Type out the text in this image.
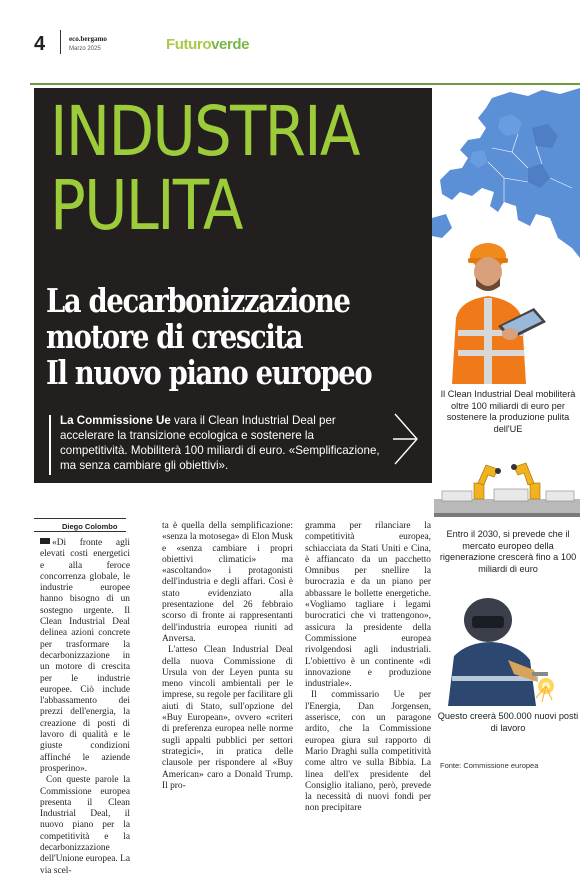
4	eco.bergamo
Marzo 2025	Futuroverde
INDUSTRIA
PULITA
La decarbonizzazione
motore di crescita
Il nuovo piano europeo
La Commissione Ue vara il Clean Industrial Deal per accelerare la transizione ecologica e sostenere la competitività. Mobiliterà 100 miliardi di euro. «Semplificazione, ma senza cambiare gli obiettivi».
Il Clean Industrial Deal mobiliterà oltre 100 miliardi di euro per sostenere la produzione pulita dell'UE
Entro il 2030, si prevede che il mercato europeo della rigenerazione crescerà fino a 100 miliardi di euro
Questo creerà 500.000 nuovi posti di lavoro
Fonte: Commissione europea
Diego Colombo

«Di fronte agli elevati costi energetici e alla feroce concorrenza globale, le industrie europee hanno bisogno di un sostegno urgente. Il Clean Industrial Deal delinea azioni concrete per trasformare la decarbonizzazione in un motore di crescita per le industrie europee. Ciò include l'abbassamento dei prezzi dell'energia, la creazione di posti di lavoro di qualità e le giuste condizioni affinché le aziende prosperino».

Con queste parole la Commissione europea presenta il Clean Industrial Deal, il nuovo piano per la competitività e la decarbonizzazione dell'Unione europea. La via scel-

ta è quella della semplificazione: «senza la motosega» di Elon Musk e «senza cambiare i propri obiettivi climatici» ma «ascoltando» i protagonisti dell'industria e degli affari. Così è stato evidenziato alla presentazione del 26 febbraio scorso di fronte ai rappresentanti dell'industria europea riuniti ad Anversa.

L'atteso Clean Industrial Deal della nuova Commissione di Ursula von der Leyen punta su meno vincoli ambientali per le imprese, su regole per facilitare gli aiuti di Stato, sull'opzione del «Buy European», ovvero «criteri di preferenza europea nelle norme sugli appalti pubblici per settori strategici», in pratica delle clausole per rispondere al «Buy American» caro a Donald Trump. Il pro-

gramma per rilanciare la competitività europea, schiacciata da Stati Uniti e Cina, è affiancato da un pacchetto Omnibus per snellire la burocrazia e da un piano per abbassare le bollette energetiche. «Vogliamo tagliare i legami burocratici che vi trattengono», assicura la presidente della Commissione europea rivolgendosi agli industriali. L'obiettivo è un continente «di innovazione e produzione industriale».

Il commissario Ue per l'Energia, Dan Jorgensen, asserisce, con un paragone ardito, che la Commissione europea giura sul rapporto di Mario Draghi sulla competitività come altro ve sulla Bibbia. La linea dell'ex presidente del Consiglio italiano, però, prevede la necessità di nuovi fondi per non precipitare
